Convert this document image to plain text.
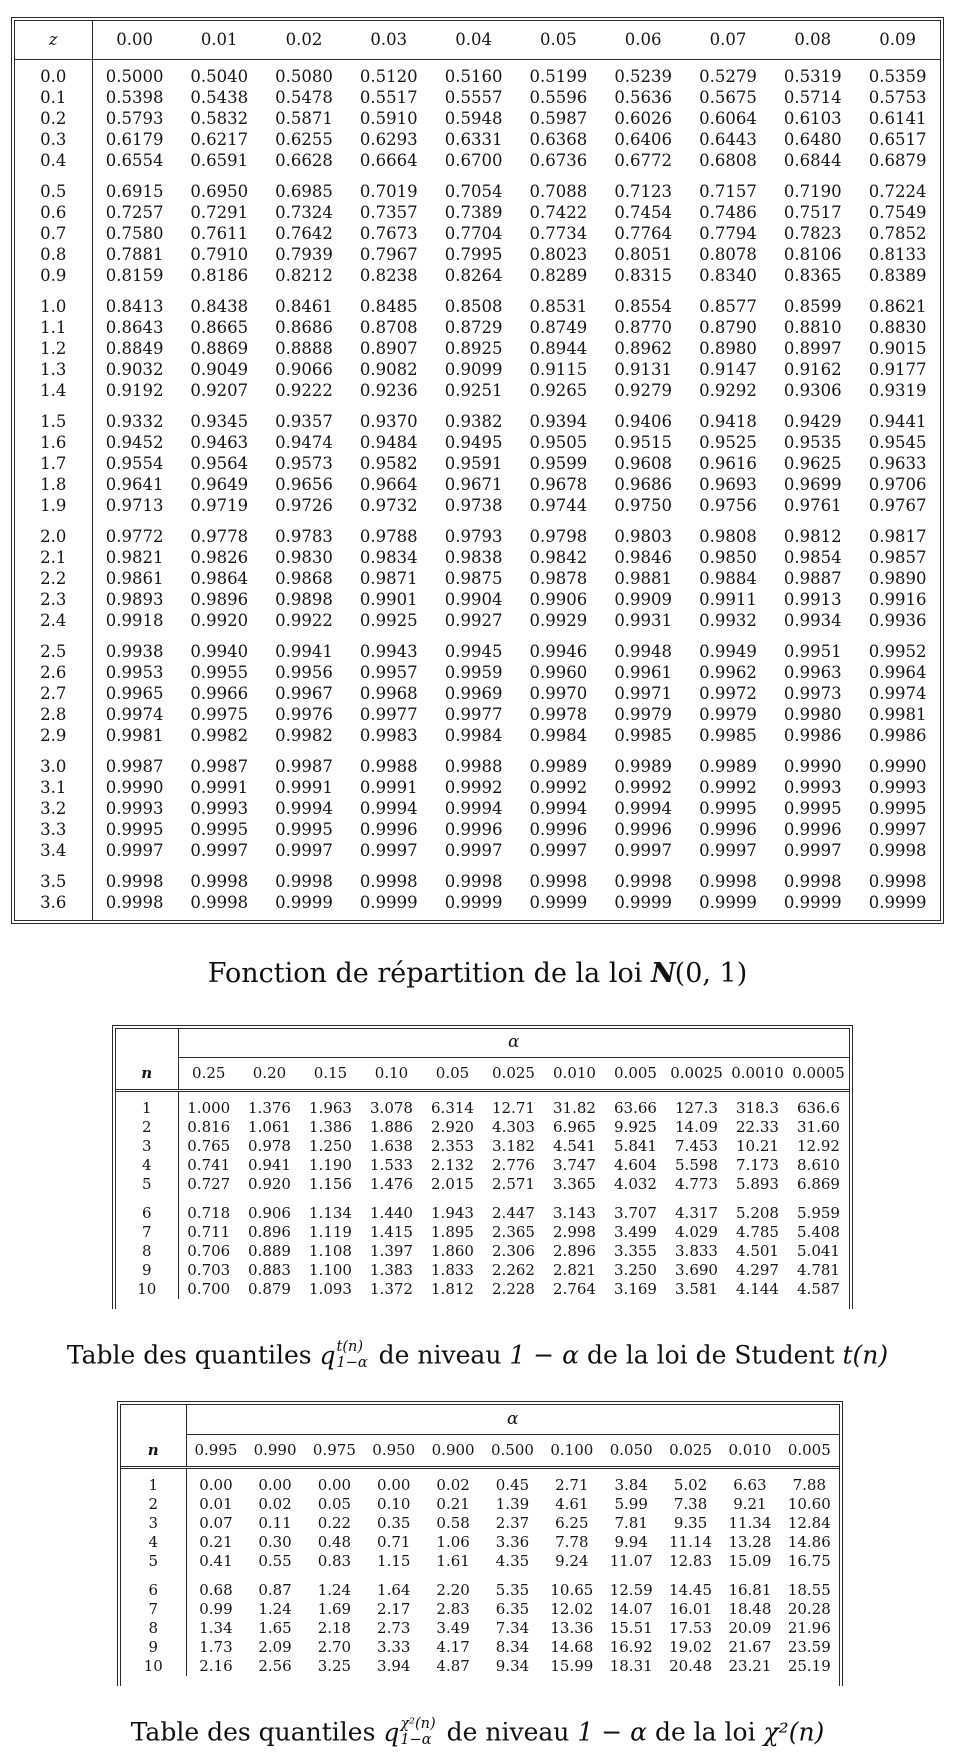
z	0.00	0.01	0.02	0.03	0.04	0.05	0.06	0.07	0.08	0.09
0.0	0.5000	0.5040	0.5080	0.5120	0.5160	0.5199	0.5239	0.5279	0.5319	0.5359
0.1	0.5398	0.5438	0.5478	0.5517	0.5557	0.5596	0.5636	0.5675	0.5714	0.5753
0.2	0.5793	0.5832	0.5871	0.5910	0.5948	0.5987	0.6026	0.6064	0.6103	0.6141
0.3	0.6179	0.6217	0.6255	0.6293	0.6331	0.6368	0.6406	0.6443	0.6480	0.6517
0.4	0.6554	0.6591	0.6628	0.6664	0.6700	0.6736	0.6772	0.6808	0.6844	0.6879
0.5	0.6915	0.6950	0.6985	0.7019	0.7054	0.7088	0.7123	0.7157	0.7190	0.7224
0.6	0.7257	0.7291	0.7324	0.7357	0.7389	0.7422	0.7454	0.7486	0.7517	0.7549
0.7	0.7580	0.7611	0.7642	0.7673	0.7704	0.7734	0.7764	0.7794	0.7823	0.7852
0.8	0.7881	0.7910	0.7939	0.7967	0.7995	0.8023	0.8051	0.8078	0.8106	0.8133
0.9	0.8159	0.8186	0.8212	0.8238	0.8264	0.8289	0.8315	0.8340	0.8365	0.8389
1.0	0.8413	0.8438	0.8461	0.8485	0.8508	0.8531	0.8554	0.8577	0.8599	0.8621
1.1	0.8643	0.8665	0.8686	0.8708	0.8729	0.8749	0.8770	0.8790	0.8810	0.8830
1.2	0.8849	0.8869	0.8888	0.8907	0.8925	0.8944	0.8962	0.8980	0.8997	0.9015
1.3	0.9032	0.9049	0.9066	0.9082	0.9099	0.9115	0.9131	0.9147	0.9162	0.9177
1.4	0.9192	0.9207	0.9222	0.9236	0.9251	0.9265	0.9279	0.9292	0.9306	0.9319
1.5	0.9332	0.9345	0.9357	0.9370	0.9382	0.9394	0.9406	0.9418	0.9429	0.9441
1.6	0.9452	0.9463	0.9474	0.9484	0.9495	0.9505	0.9515	0.9525	0.9535	0.9545
1.7	0.9554	0.9564	0.9573	0.9582	0.9591	0.9599	0.9608	0.9616	0.9625	0.9633
1.8	0.9641	0.9649	0.9656	0.9664	0.9671	0.9678	0.9686	0.9693	0.9699	0.9706
1.9	0.9713	0.9719	0.9726	0.9732	0.9738	0.9744	0.9750	0.9756	0.9761	0.9767
2.0	0.9772	0.9778	0.9783	0.9788	0.9793	0.9798	0.9803	0.9808	0.9812	0.9817
2.1	0.9821	0.9826	0.9830	0.9834	0.9838	0.9842	0.9846	0.9850	0.9854	0.9857
2.2	0.9861	0.9864	0.9868	0.9871	0.9875	0.9878	0.9881	0.9884	0.9887	0.9890
2.3	0.9893	0.9896	0.9898	0.9901	0.9904	0.9906	0.9909	0.9911	0.9913	0.9916
2.4	0.9918	0.9920	0.9922	0.9925	0.9927	0.9929	0.9931	0.9932	0.9934	0.9936
2.5	0.9938	0.9940	0.9941	0.9943	0.9945	0.9946	0.9948	0.9949	0.9951	0.9952
2.6	0.9953	0.9955	0.9956	0.9957	0.9959	0.9960	0.9961	0.9962	0.9963	0.9964
2.7	0.9965	0.9966	0.9967	0.9968	0.9969	0.9970	0.9971	0.9972	0.9973	0.9974
2.8	0.9974	0.9975	0.9976	0.9977	0.9977	0.9978	0.9979	0.9979	0.9980	0.9981
2.9	0.9981	0.9982	0.9982	0.9983	0.9984	0.9984	0.9985	0.9985	0.9986	0.9986
3.0	0.9987	0.9987	0.9987	0.9988	0.9988	0.9989	0.9989	0.9989	0.9990	0.9990
3.1	0.9990	0.9991	0.9991	0.9991	0.9992	0.9992	0.9992	0.9992	0.9993	0.9993
3.2	0.9993	0.9993	0.9994	0.9994	0.9994	0.9994	0.9994	0.9995	0.9995	0.9995
3.3	0.9995	0.9995	0.9995	0.9996	0.9996	0.9996	0.9996	0.9996	0.9996	0.9997
3.4	0.9997	0.9997	0.9997	0.9997	0.9997	0.9997	0.9997	0.9997	0.9997	0.9998
3.5	0.9998	0.9998	0.9998	0.9998	0.9998	0.9998	0.9998	0.9998	0.9998	0.9998
3.6	0.9998	0.9998	0.9999	0.9999	0.9999	0.9999	0.9999	0.9999	0.9999	0.9999
Fonction de répartition de la loi N(0, 1)
	α										
n	0.25	0.20	0.15	0.10	0.05	0.025	0.010	0.005	0.0025	0.0010	0.0005
1	1.000	1.376	1.963	3.078	6.314	12.71	31.82	63.66	127.3	318.3	636.6
2	0.816	1.061	1.386	1.886	2.920	4.303	6.965	9.925	14.09	22.33	31.60
3	0.765	0.978	1.250	1.638	2.353	3.182	4.541	5.841	7.453	10.21	12.92
4	0.741	0.941	1.190	1.533	2.132	2.776	3.747	4.604	5.598	7.173	8.610
5	0.727	0.920	1.156	1.476	2.015	2.571	3.365	4.032	4.773	5.893	6.869
6	0.718	0.906	1.134	1.440	1.943	2.447	3.143	3.707	4.317	5.208	5.959
7	0.711	0.896	1.119	1.415	1.895	2.365	2.998	3.499	4.029	4.785	5.408
8	0.706	0.889	1.108	1.397	1.860	2.306	2.896	3.355	3.833	4.501	5.041
9	0.703	0.883	1.100	1.383	1.833	2.262	2.821	3.250	3.690	4.297	4.781
10	0.700	0.879	1.093	1.372	1.812	2.228	2.764	3.169	3.581	4.144	4.587
Table des quantiles q t(n)
1−α de niveau 1 − α de la loi de Student t(n)
	α										
n	0.995	0.990	0.975	0.950	0.900	0.500	0.100	0.050	0.025	0.010	0.005
1	0.00	0.00	0.00	0.00	0.02	0.45	2.71	3.84	5.02	6.63	7.88
2	0.01	0.02	0.05	0.10	0.21	1.39	4.61	5.99	7.38	9.21	10.60
3	0.07	0.11	0.22	0.35	0.58	2.37	6.25	7.81	9.35	11.34	12.84
4	0.21	0.30	0.48	0.71	1.06	3.36	7.78	9.94	11.14	13.28	14.86
5	0.41	0.55	0.83	1.15	1.61	4.35	9.24	11.07	12.83	15.09	16.75
6	0.68	0.87	1.24	1.64	2.20	5.35	10.65	12.59	14.45	16.81	18.55
7	0.99	1.24	1.69	2.17	2.83	6.35	12.02	14.07	16.01	18.48	20.28
8	1.34	1.65	2.18	2.73	3.49	7.34	13.36	15.51	17.53	20.09	21.96
9	1.73	2.09	2.70	3.33	4.17	8.34	14.68	16.92	19.02	21.67	23.59
10	2.16	2.56	3.25	3.94	4.87	9.34	15.99	18.31	20.48	23.21	25.19
Table des quantiles q χ²(n)
1−α de niveau 1 − α de la loi χ²(n)
